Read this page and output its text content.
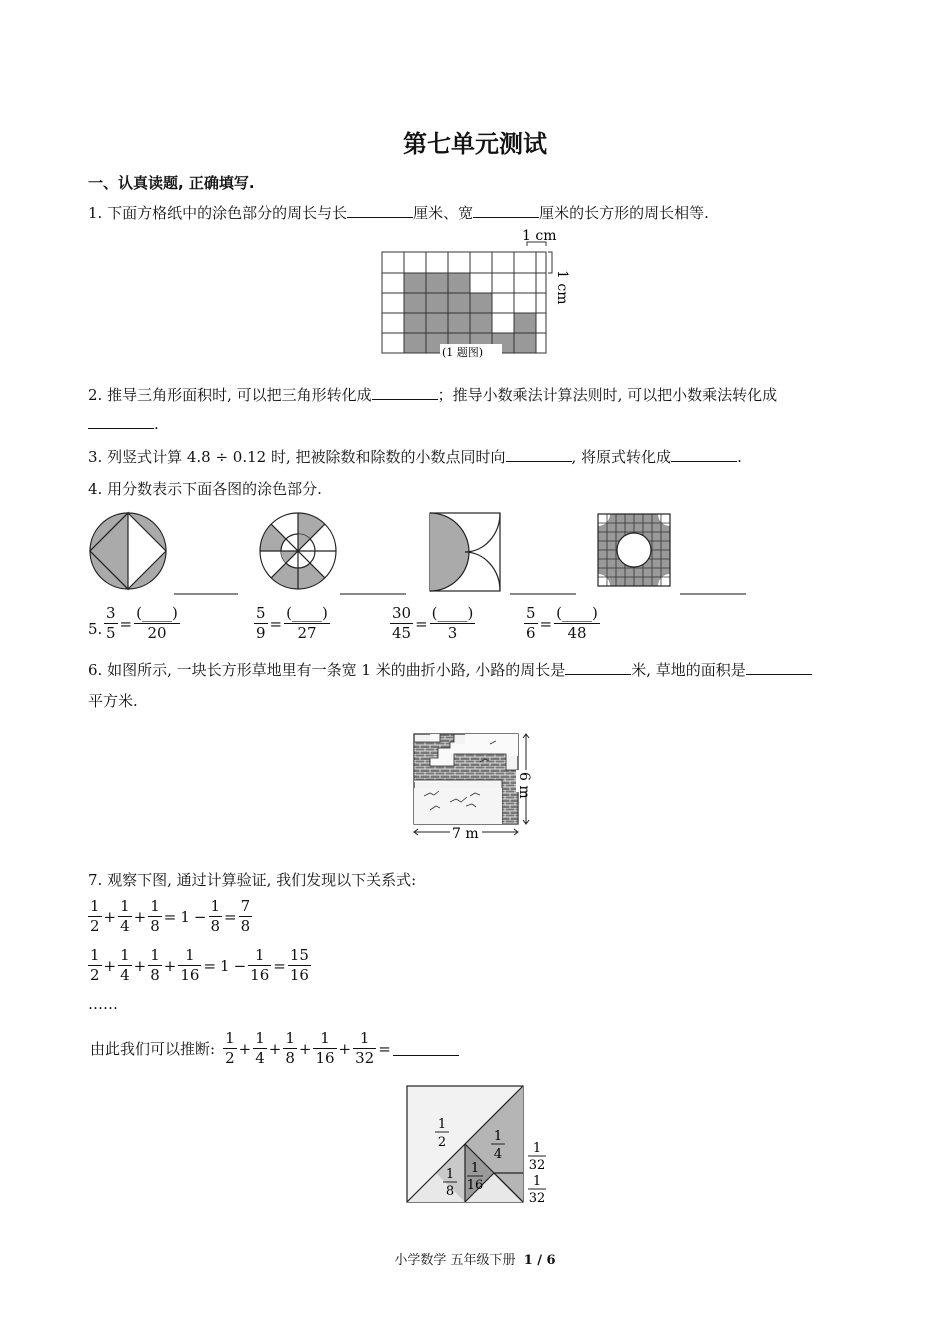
第七单元测试
一、认真读题, 正确填写.
1. 下面方格纸中的涂色部分的周长与长	厘米、宽	厘米的长方形的周长相等.
1 cm
1 cm
(1 题图)
2. 推导三角形面积时, 可以把三角形转化成	；推导小数乘法计算法则时, 可以把小数乘法转化成
.
3. 列竖式计算 4.8 ÷ 0.12 时, 把被除数和除数的小数点同时向	, 将原式转化成	.
4. 用分数表示下面各图的涂色部分.
5. $\frac{3}{5} = \frac{(\_\_\_\_)}{20}$	$\frac{5}{9} = \frac{(\_\_\_\_)}{27}$	$\frac{30}{45} = \frac{(\_\_\_\_)}{3}$	$\frac{5}{6} = \frac{(\_\_\_\_)}{48}$
6. 如图所示, 一块长方形草地里有一条宽 1 米的曲折小路, 小路的周长是	米, 草地的面积是
平方米.
6 m
7 m
7. 观察下图, 通过计算验证, 我们发现以下关系式:
$\frac{1}{2} + \frac{1}{4} + \frac{1}{8} = 1 - \frac{1}{8} = \frac{7}{8}$
$\frac{1}{2} + \frac{1}{4} + \frac{1}{8} + \frac{1}{16} = 1 - \frac{1}{16} = \frac{15}{16}$
……
由此我们可以推断: $\frac{1}{2} + \frac{1}{4} + \frac{1}{8} + \frac{1}{16} + \frac{1}{32}$ =
1
2	1
4
1
8
1
16
1
32
1
32
小学数学 五年级下册 1 / 6
